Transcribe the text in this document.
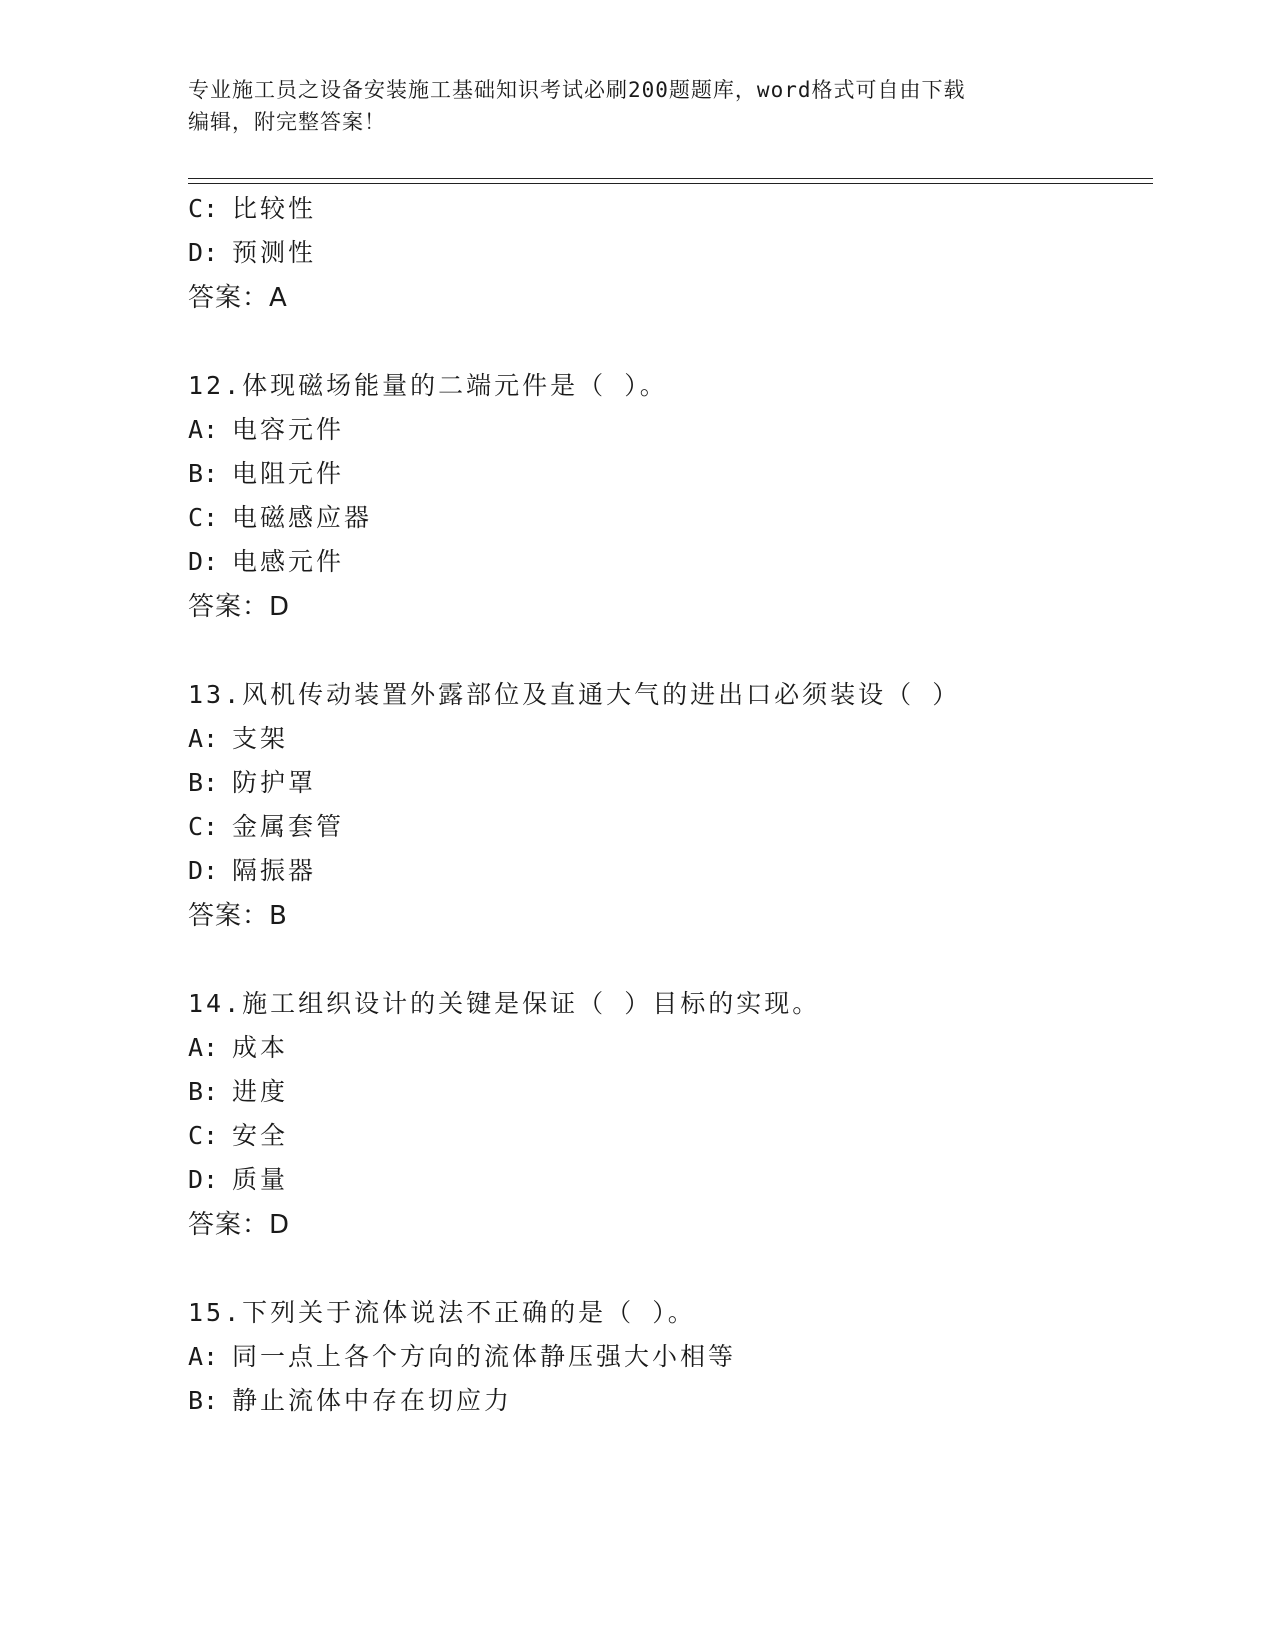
专业施工员之设备安装施工基础知识考试必刷200题题库，word格式可自由下载
编辑，附完整答案！
C: 比较性
D: 预测性
答案：A
12.体现磁场能量的二端元件是（ ）。
A: 电容元件
B: 电阻元件
C: 电磁感应器
D: 电感元件
答案：D
13.风机传动装置外露部位及直通大气的进出口必须装设（ ）
A: 支架
B: 防护罩
C: 金属套管
D: 隔振器
答案：B
14.施工组织设计的关键是保证（ ）目标的实现。
A: 成本
B: 进度
C: 安全
D: 质量
答案：D
15.下列关于流体说法不正确的是（ ）。
A: 同一点上各个方向的流体静压强大小相等
B: 静止流体中存在切应力
